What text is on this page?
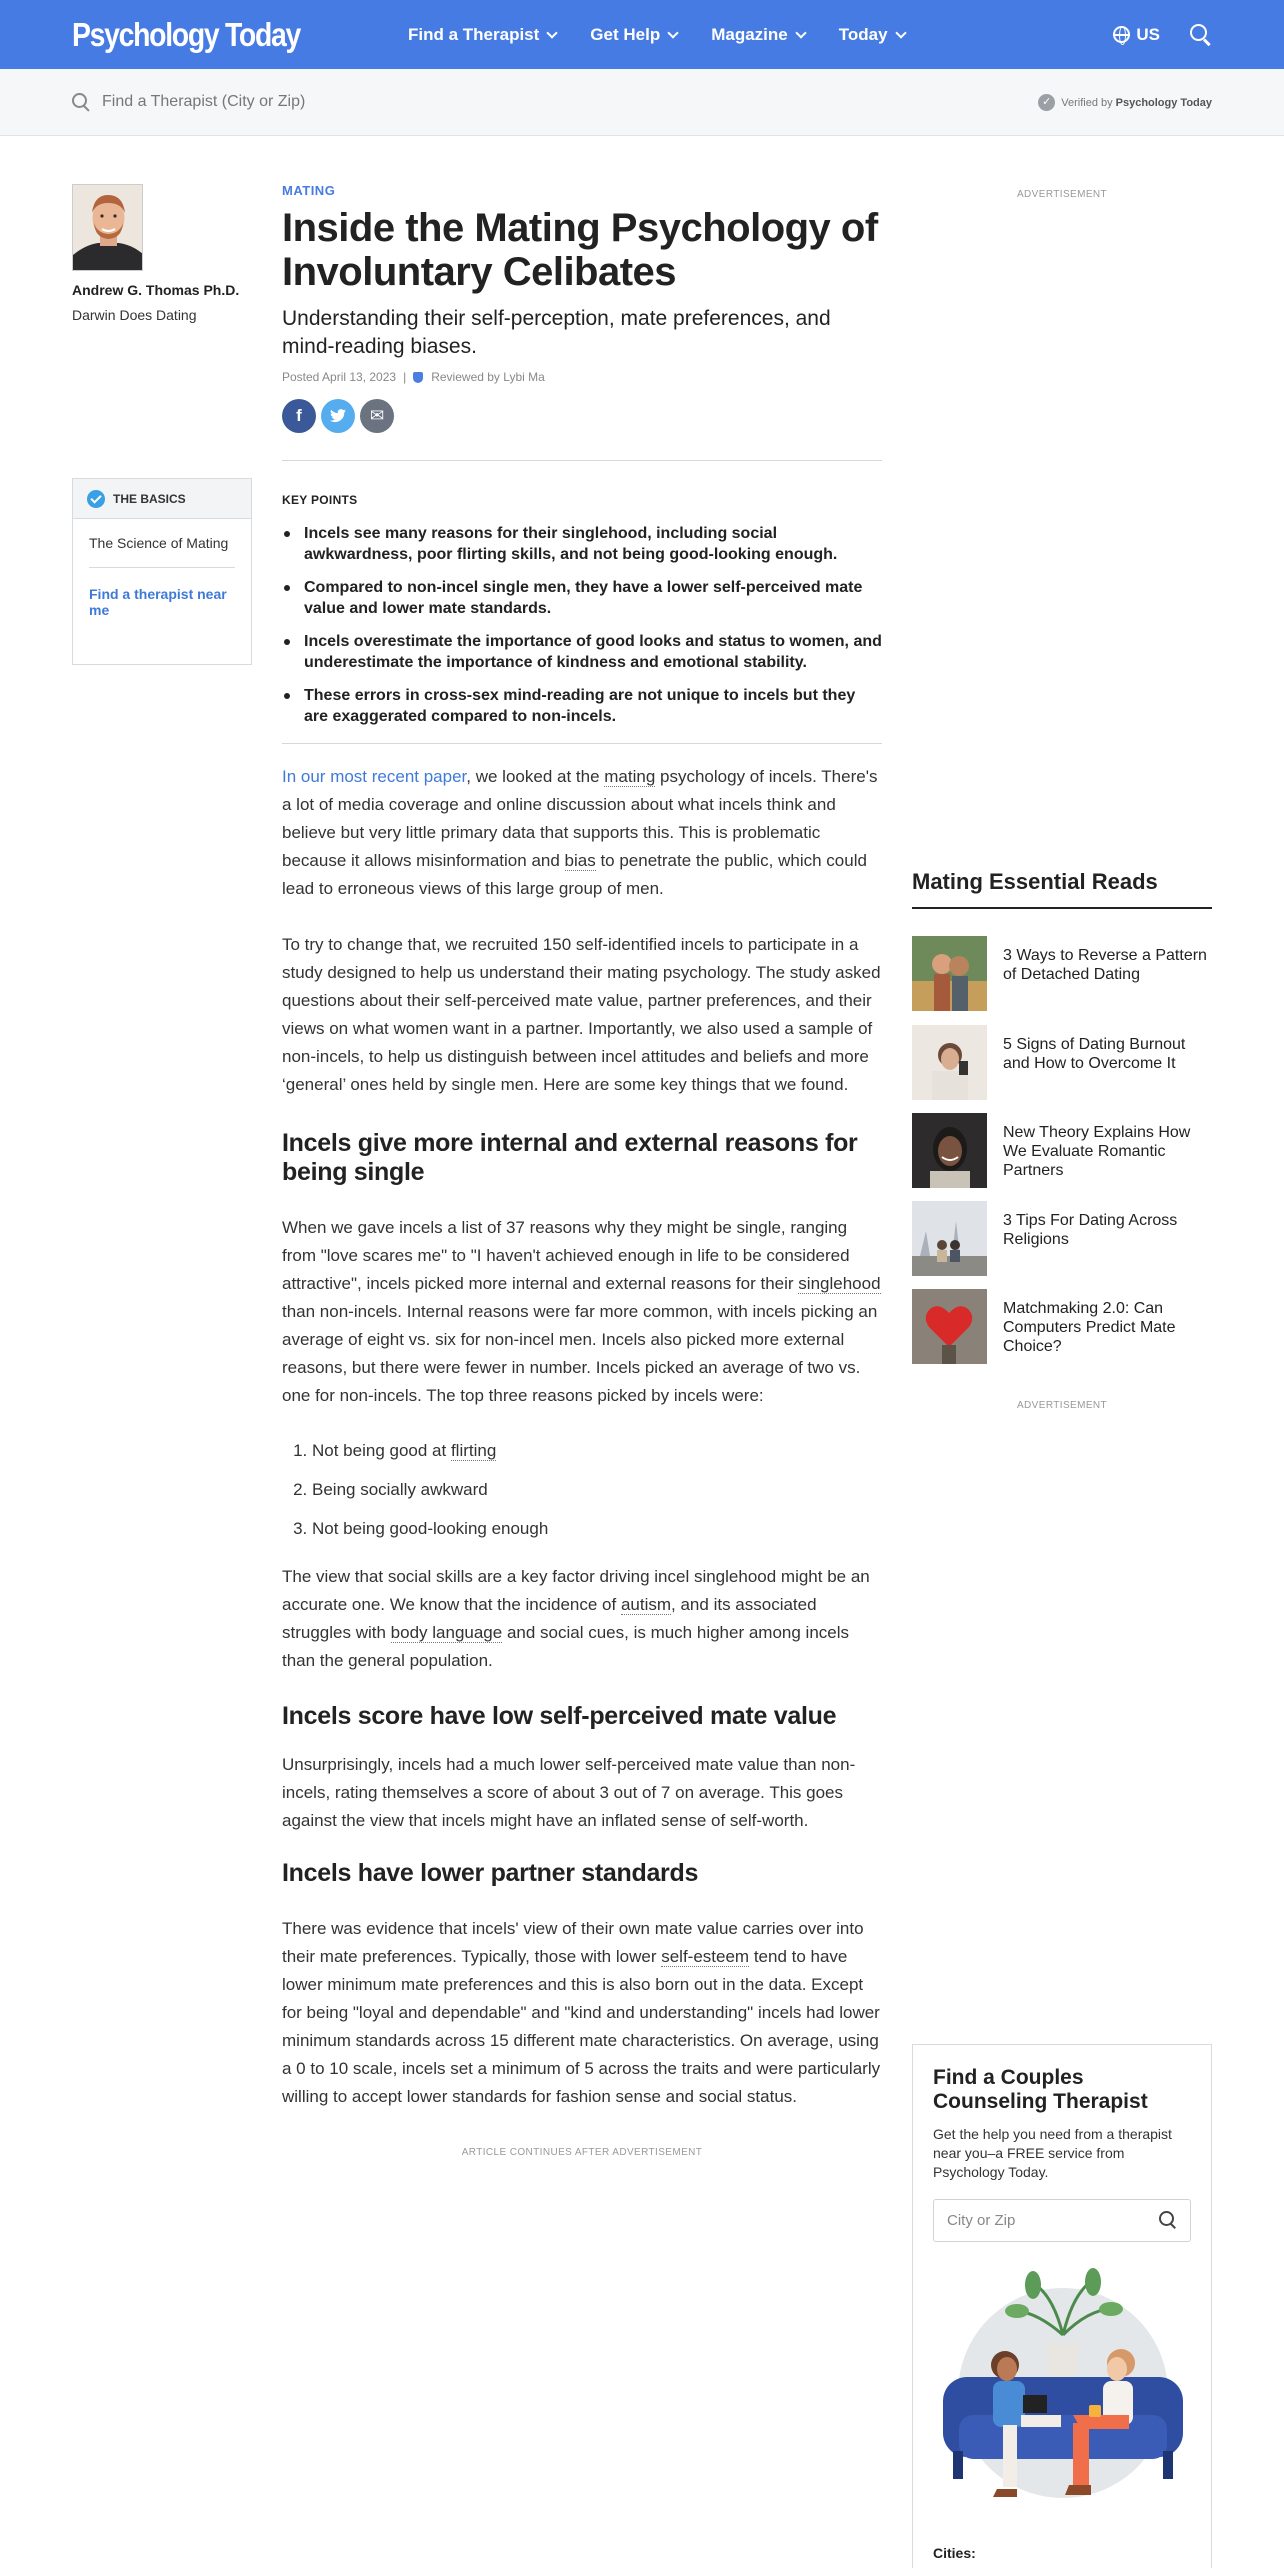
Psychology Today	Find a Therapist	Get Help	Magazine	Today	US
Find a Therapist (City or Zip)
✓ Verified by Psychology Today
Andrew G. Thomas Ph.D.
Darwin Does Dating
THE BASICS
The Science of Mating
Find a therapist near me
MATING
Inside the Mating Psychology of Involuntary Celibates
Understanding their self-perception, mate preferences, and mind-reading biases.
Posted April 13, 2023 | Reviewed by Lybi Ma
f	✉
KEY POINTS
Incels see many reasons for their singlehood, including social awkwardness, poor flirting skills, and not being good-looking enough.
Compared to non-incel single men, they have a lower self-perceived mate value and lower mate standards.
Incels overestimate the importance of good looks and status to women, and underestimate the importance of kindness and emotional stability.
These errors in cross-sex mind-reading are not unique to incels but they are exaggerated compared to non-incels.

In our most recent paper, we looked at the mating psychology of incels. There's a lot of media coverage and online discussion about what incels think and believe but very little primary data that supports this. This is problematic because it allows misinformation and bias to penetrate the public, which could lead to erroneous views of this large group of men.

To try to change that, we recruited 150 self-identified incels to participate in a study designed to help us understand their mating psychology. The study asked questions about their self-perceived mate value, partner preferences, and their views on what women want in a partner. Importantly, we also used a sample of non-incels, to help us distinguish between incel attitudes and beliefs and more ‘general’ ones held by single men. Here are some key things that we found.

Incels give more internal and external reasons for being single

When we gave incels a list of 37 reasons why they might be single, ranging from "love scares me" to "I haven't achieved enough in life to be considered attractive", incels picked more internal and external reasons for their singlehood than non-incels. Internal reasons were far more common, with incels picking an average of eight vs. six for non-incel men. Incels also picked more external reasons, but there were fewer in number. Incels picked an average of two vs. one for non-incels. The top three reasons picked by incels were:

1. Not being good at flirting
2. Being socially awkward
3. Not being good-looking enough

The view that social skills are a key factor driving incel singlehood might be an accurate one. We know that the incidence of autism, and its associated struggles with body language and social cues, is much higher among incels than the general population.

Incels score have low self-perceived mate value

Unsurprisingly, incels had a much lower self-perceived mate value than non-incels, rating themselves a score of about 3 out of 7 on average. This goes against the view that incels might have an inflated sense of self-worth.

Incels have lower partner standards

There was evidence that incels' view of their own mate value carries over into their mate preferences. Typically, those with lower self-esteem tend to have lower minimum mate preferences and this is also born out in the data. Except for being "loyal and dependable" and "kind and understanding" incels had lower minimum standards across 15 different mate characteristics. On average, using a 0 to 10 scale, incels set a minimum of 5 across the traits and were particularly willing to accept lower standards for fashion sense and social status.

ARTICLE CONTINUES AFTER ADVERTISEMENT
ADVERTISEMENT
Mating Essential Reads
3 Ways to Reverse a Pattern of Detached Dating
5 Signs of Dating Burnout and How to Overcome It
New Theory Explains How We Evaluate Romantic Partners
3 Tips For Dating Across Religions
Matchmaking 2.0: Can Computers Predict Mate Choice?
ADVERTISEMENT
Find a Couples Counseling Therapist
Get the help you need from a therapist near you–a FREE service from Psychology Today.
City or Zip
Cities:
